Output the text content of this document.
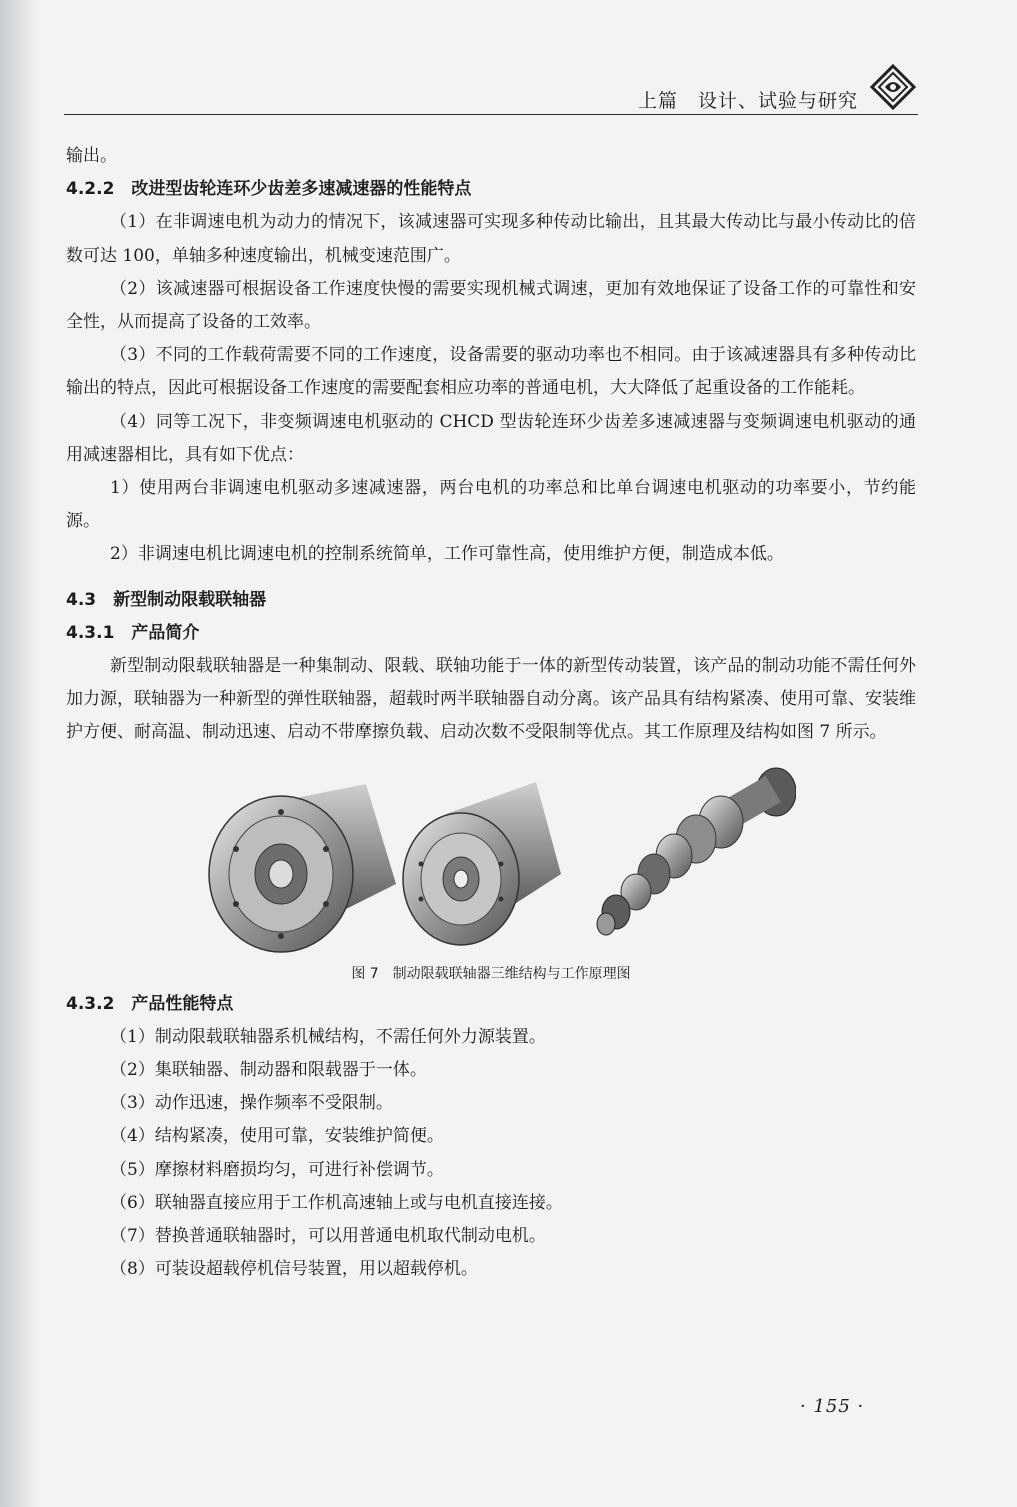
上篇　设计、试验与研究

输出。

4.2.2　改进型齿轮连环少齿差多速减速器的性能特点

（1）在非调速电机为动力的情况下，该减速器可实现多种传动比输出，且其最大传动比与最小传动比的倍数可达 100，单轴多种速度输出，机械变速范围广。

（2）该减速器可根据设备工作速度快慢的需要实现机械式调速，更加有效地保证了设备工作的可靠性和安全性，从而提高了设备的工效率。

（3）不同的工作载荷需要不同的工作速度，设备需要的驱动功率也不相同。由于该减速器具有多种传动比输出的特点，因此可根据设备工作速度的需要配套相应功率的普通电机，大大降低了起重设备的工作能耗。

（4）同等工况下，非变频调速电机驱动的 CHCD 型齿轮连环少齿差多速减速器与变频调速电机驱动的通用减速器相比，具有如下优点：

1）使用两台非调速电机驱动多速减速器，两台电机的功率总和比单台调速电机驱动的功率要小，节约能源。

2）非调速电机比调速电机的控制系统简单，工作可靠性高，使用维护方便，制造成本低。

4.3　新型制动限载联轴器

4.3.1　产品简介

新型制动限载联轴器是一种集制动、限载、联轴功能于一体的新型传动装置，该产品的制动功能不需任何外加力源，联轴器为一种新型的弹性联轴器，超载时两半联轴器自动分离。该产品具有结构紧凑、使用可靠、安装维护方便、耐高温、制动迅速、启动不带摩擦负载、启动次数不受限制等优点。其工作原理及结构如图 7 所示。

图 7　制动限载联轴器三维结构与工作原理图

4.3.2　产品性能特点

（1）制动限载联轴器系机械结构，不需任何外力源装置。

（2）集联轴器、制动器和限载器于一体。

（3）动作迅速，操作频率不受限制。

（4）结构紧凑，使用可靠，安装维护简便。

（5）摩擦材料磨损均匀，可进行补偿调节。

（6）联轴器直接应用于工作机高速轴上或与电机直接连接。

（7）替换普通联轴器时，可以用普通电机取代制动电机。

（8）可装设超载停机信号装置，用以超载停机。

· 155 ·
